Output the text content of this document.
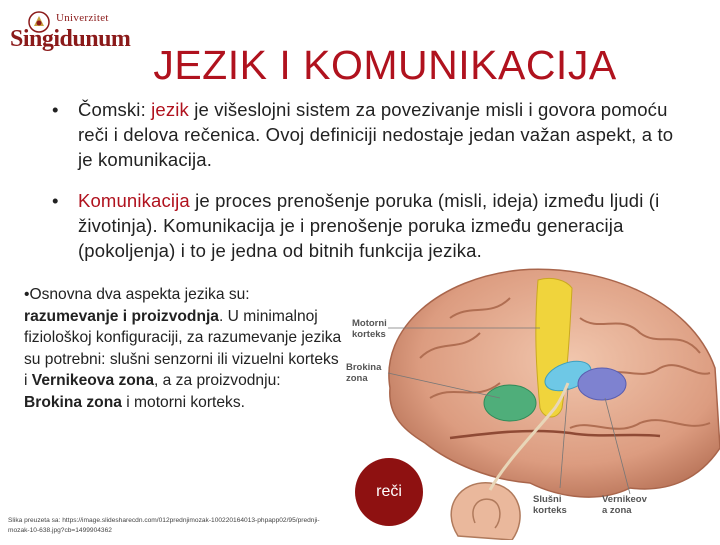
Univerzitet
Singidunum
JEZIK I KOMUNIKACIJA
• Čomski: jezik je višeslojni sistem za povezivanje misli i govora pomoću reči i delova rečenica. Ovoj definiciji nedostaje jedan važan aspekt, a to je komunikacija.
• Komunikacija je proces prenošenje poruka (misli, ideja) između ljudi (i životinja). Komunikacija je i prenošenje poruka između generacija (pokoljenja) i to je jedna od bitnih funkcija jezika.
•Osnovna dva aspekta jezika su: razumevanje i proizvodnja. U minimalnoj fiziološkoj konfiguraciji, za razumevanje jezika su potrebni: slušni senzorni ili vizuelni korteks i Vernikeova zona, a za proizvodnju: Brokina zona i motorni korteks.
Motorni korteks
Brokina zona
Slušni korteks
Vernikeov a zona
reči
Slika preuzeta sa: https://image.slidesharecdn.com/012prednjimozak-100220164013-phpapp02/95/prednji-mozak-10-638.jpg?cb=1499904362
